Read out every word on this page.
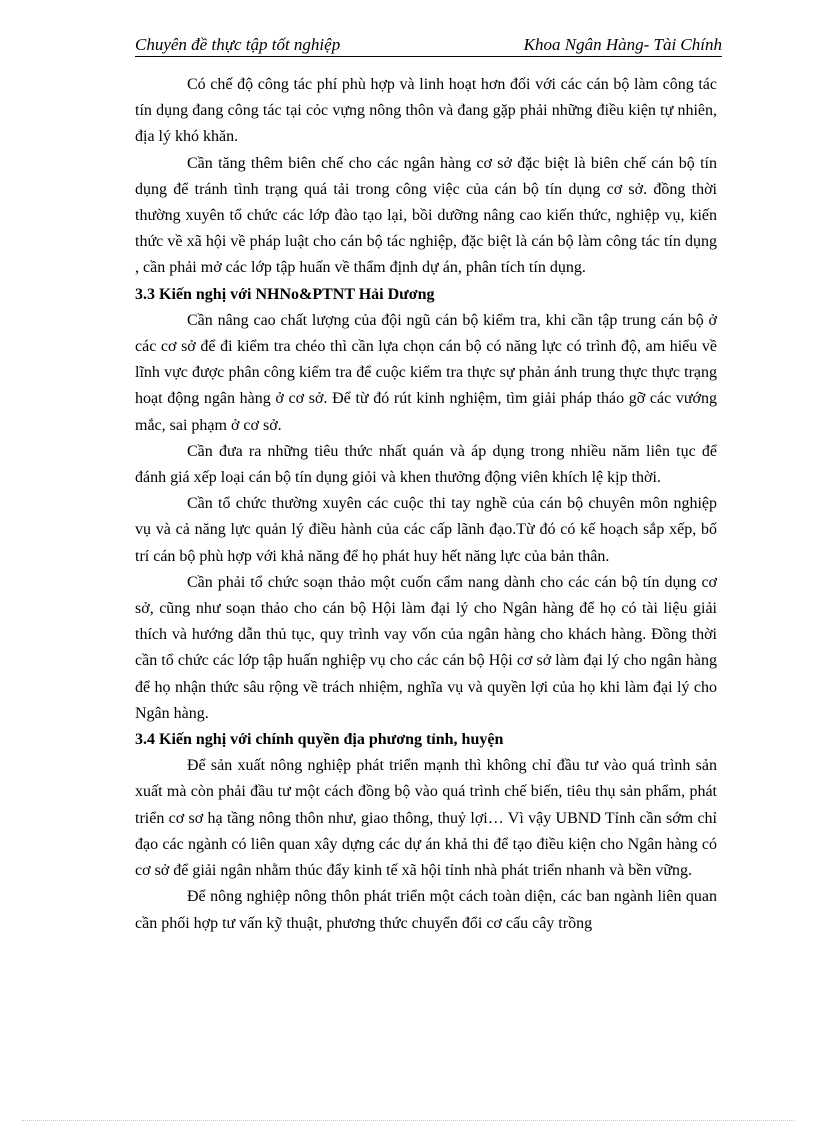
Chuyên đề thực tập tốt nghiệp	Khoa Ngân Hàng- Tài Chính

Có chế độ công tác phí phù hợp và linh hoạt hơn đối với các cán bộ làm công tác tín dụng đang công tác tại cỏc vựng nông thôn và đang gặp phải những điều kiện tự nhiên, địa lý khó khăn.

Cần tăng thêm biên chế cho các ngân hàng cơ sở đặc biệt là biên chế cán bộ tín dụng để tránh tình trạng quá tải trong công việc của cán bộ tín dụng cơ sở. đồng thời thường xuyên tổ chức các lớp đào tạo lại, bồi dưỡng nâng cao kiến thức, nghiệp vụ, kiến thức về xã hội về pháp luật cho cán bộ tác nghiệp, đặc biệt là cán bộ làm công tác tín dụng , cần phải mở các lớp tập huấn về thẩm định dự án, phân tích tín dụng.

3.3 Kiến nghị với NHNo&PTNT Hải Dương

Cần nâng cao chất lượng của đội ngũ cán bộ kiểm tra, khi cần tập trung cán bộ ở các cơ sở để đi kiểm tra chéo thì cần lựa chọn cán bộ có năng lực có trình độ, am hiểu về lĩnh vực được phân công kiểm tra để cuộc kiểm tra thực sự phản ánh trung thực thực trạng hoạt động ngân hàng ở cơ sở. Để từ đó rút kinh nghiệm, tìm giải pháp tháo gỡ các vướng mắc, sai phạm ở cơ sở.

Cần đưa ra những tiêu thức nhất quán và áp dụng trong nhiều năm liên tục để đánh giá xếp loại cán bộ tín dụng giỏi và khen thưởng động viên khích lệ kịp thời.

Cần tổ chức thường xuyên các cuộc thi tay nghề của cán bộ chuyên môn nghiệp vụ và cả năng lực quản lý điều hành của các cấp lãnh đạo.Từ đó có kế hoạch sắp xếp, bố trí cán bộ phù hợp với khả năng để họ phát huy hết năng lực của bản thân.

Cần phải tổ chức soạn thảo một cuốn cẩm nang dành cho các cán bộ tín dụng cơ sở, cũng như soạn thảo cho cán bộ Hội làm đại lý cho Ngân hàng để họ có tài liệu giải thích và hướng dẫn thủ tục, quy trình vay vốn của ngân hàng cho khách hàng. Đồng thời cần tổ chức các lớp tập huấn nghiệp vụ cho các cán bộ Hội cơ sở làm đại lý cho ngân hàng để họ nhận thức sâu rộng về trách nhiệm, nghĩa vụ và quyền lợi của họ khi làm đại lý cho Ngân hàng.

3.4 Kiến nghị với chính quyền địa phương tỉnh, huyện

Để sản xuất nông nghiệp phát triển mạnh thì không chỉ đầu tư vào quá trình sản xuất mà còn phải đầu tư một cách đồng bộ vào quá trình chế biến, tiêu thụ sản phẩm, phát triển cơ sơ hạ tầng nông thôn như, giao thông, thuỷ lợi… Vì vậy UBND Tỉnh cần sớm chỉ đạo các ngành có liên quan xây dựng các dự án khả thi để tạo điều kiện cho Ngân hàng có cơ sở để giải ngân nhằm thúc đẩy kinh tế xã hội tỉnh nhà phát triển nhanh và bền vững.

Để nông nghiệp nông thôn phát triển một cách toàn diện, các ban ngành liên quan cần phối hợp tư vấn kỹ thuật, phương thức chuyển đổi cơ cấu cây trồng
